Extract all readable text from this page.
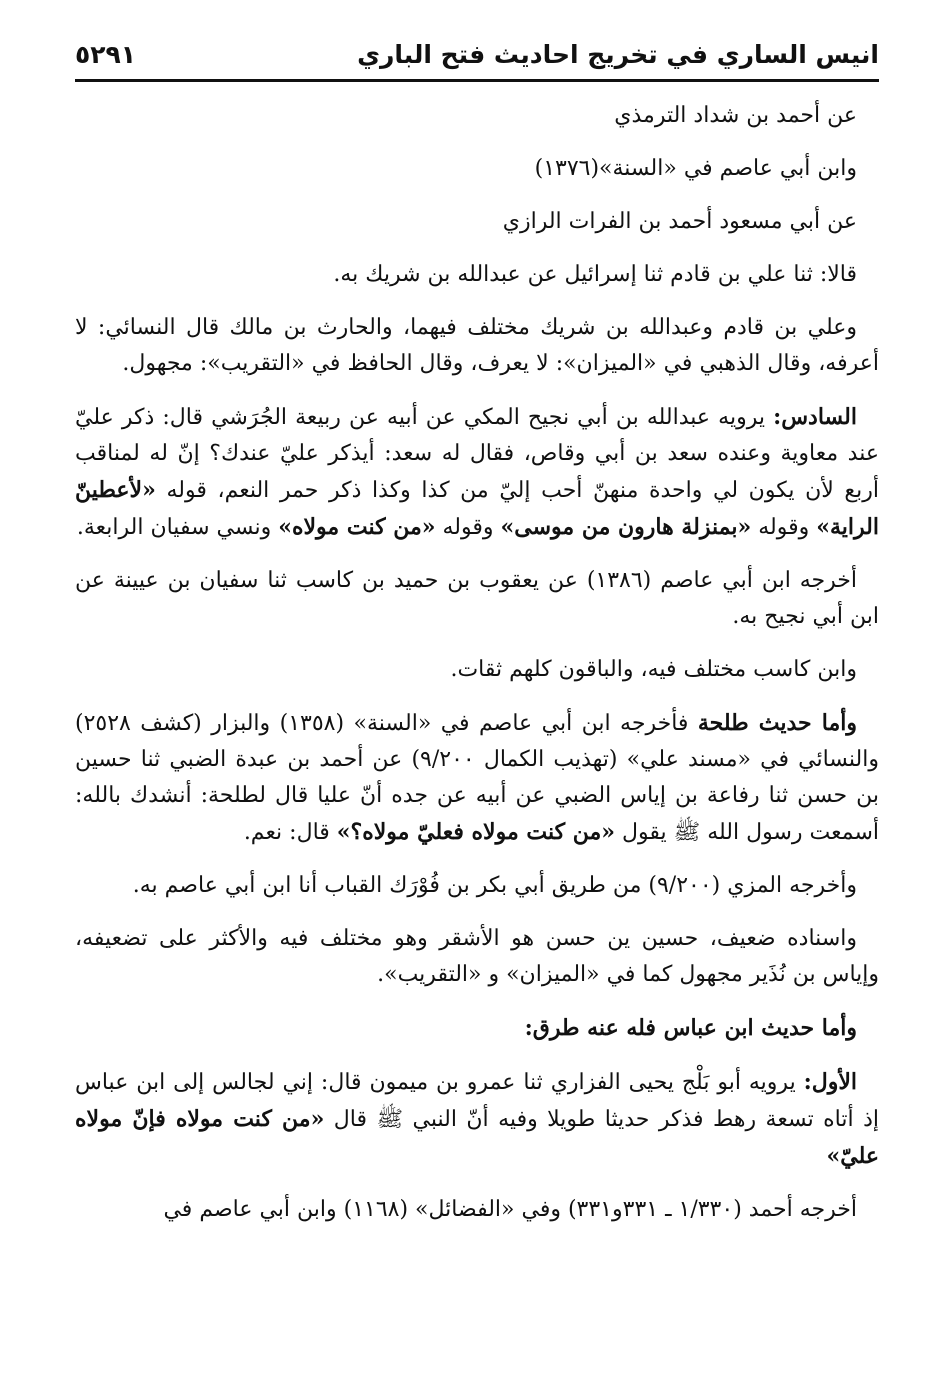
انيس الساري في تخريج احاديث فتح الباري
٥٢٩١

عن أحمد بن شداد الترمذي

وابن أبي عاصم في «السنة»(١٣٧٦)

عن أبي مسعود أحمد بن الفرات الرازي

قالا: ثنا علي بن قادم ثنا إسرائيل عن عبدالله بن شريك به.

وعلي بن قادم وعبدالله بن شريك مختلف فيهما، والحارث بن مالك قال النسائي: لا أعرفه، وقال الذهبي في «الميزان»: لا يعرف، وقال الحافظ في «التقريب»: مجهول.

السادس: يرويه عبدالله بن أبي نجيح المكي عن أبيه عن ربيعة الجُرَشي قال: ذكر عليّ عند معاوية وعنده سعد بن أبي وقاص، فقال له سعد: أيذكر عليّ عندك؟ إنّ له لمناقب أربع لأن يكون لي واحدة منهنّ أحب إليّ من كذا وكذا ذكر حمر النعم، قوله «لأعطينّ الراية» وقوله «بمنزلة هارون من موسى» وقوله «من كنت مولاه» ونسي سفيان الرابعة.

أخرجه ابن أبي عاصم (١٣٨٦) عن يعقوب بن حميد بن كاسب ثنا سفيان بن عيينة عن ابن أبي نجيح به.

وابن كاسب مختلف فيه، والباقون كلهم ثقات.

وأما حديث طلحة فأخرجه ابن أبي عاصم في «السنة» (١٣٥٨) والبزار (كشف ٢٥٢٨) والنسائي في «مسند علي» (تهذيب الكمال ٩/٢٠٠) عن أحمد بن عبدة الضبي ثنا حسين بن حسن ثنا رفاعة بن إياس الضبي عن أبيه عن جده أنّ عليا قال لطلحة: أنشدك بالله: أسمعت رسول الله ﷺ يقول «من كنت مولاه فعليّ مولاه؟» قال: نعم.

وأخرجه المزي (٩/٢٠٠) من طريق أبي بكر بن فُوْرَك القباب أنا ابن أبي عاصم به.

واسناده ضعيف، حسين ين حسن هو الأشقر وهو مختلف فيه والأكثر على تضعيفه، وإياس بن نُذَير مجهول كما في «الميزان» و «التقريب».

وأما حديث ابن عباس فله عنه طرق:

الأول: يرويه أبو بَلْج يحيى الفزاري ثنا عمرو بن ميمون قال: إني لجالس إلى ابن عباس إذ أتاه تسعة رهط فذكر حديثا طويلا وفيه أنّ النبي ﷺ قال «من كنت مولاه فإنّ مولاه عليّ»

أخرجه أحمد (١/٣٣٠ ـ ٣٣١و٣٣١) وفي «الفضائل» (١١٦٨) وابن أبي عاصم في
